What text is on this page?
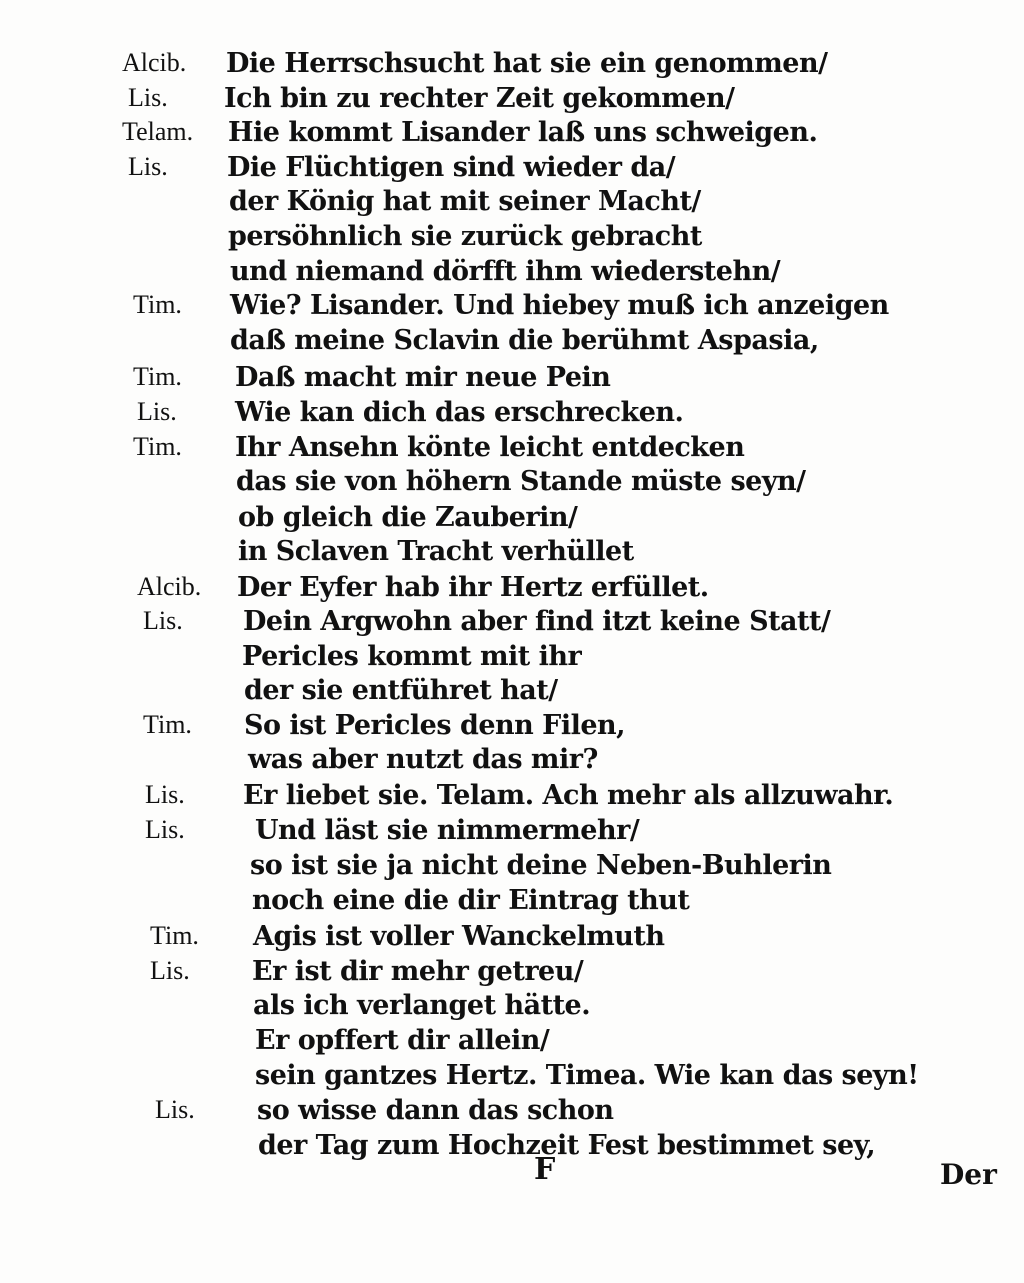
Alcib. Die Herrschsucht hat sie ein genommen/
Lis. Ich bin zu rechter Zeit gekommen/
Telam. Hie kommt Lisander laß uns schweigen.
Lis. Die Flüchtigen sind wieder da/
der König hat mit seiner Macht/
persöhnlich sie zurück gebracht
und niemand dörfft ihm wiederstehn/
Tim. Wie? Lisander. Und hiebey muß ich anzeigen
daß meine Sclavin die berühmt Aspasia,
Tim. Daß macht mir neue Pein
Lis. Wie kan dich das erschrecken.
Tim. Ihr Ansehn könte leicht entdecken
das sie von höhern Stande müste seyn/
ob gleich die Zauberin/
in Sclaven Tracht verhüllet
Alcib. Der Eyfer hab ihr Hertz erfüllet.
Lis. Dein Argwohn aber find itzt keine Statt/
Pericles kommt mit ihr
der sie entführet hat/
Tim. So ist Pericles denn Filen,
was aber nutzt das mir?
Lis. Er liebet sie. Telam. Ach mehr als allzuwahr.
Lis.	Und läst sie nimmermehr/
so ist sie ja nicht deine Neben-Buhlerin
noch eine die dir Eintrag thut
Tim. Agis ist voller Wanckelmuth
Lis. Er ist dir mehr getreu/
als ich verlanget hätte.
Er opffert dir allein/
sein gantzes Hertz. Timea. Wie kan das seyn!
Lis. so wisse dann das schon
der Tag zum Hochzeit Fest bestimmet sey,
F	Der
